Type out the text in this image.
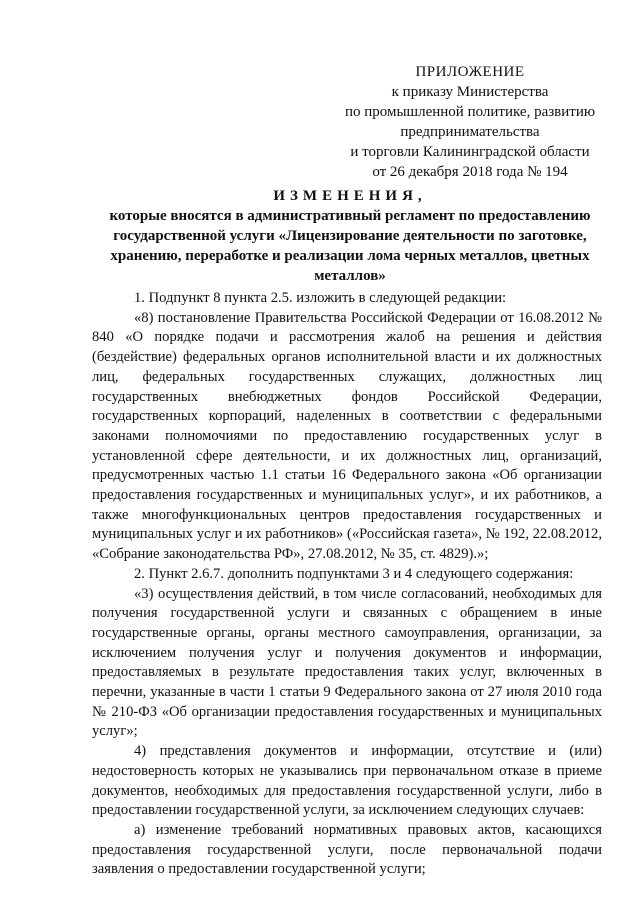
ПРИЛОЖЕНИЕ
к приказу Министерства
по промышленной политике, развитию
предпринимательства
и торговли Калининградской области
от 26 декабря 2018 года № 194
ИЗМЕНЕНИЯ,
которые вносятся в административный регламент по предоставлению государственной услуги «Лицензирование деятельности по заготовке, хранению, переработке и реализации лома черных металлов, цветных металлов»

1. Подпункт 8 пункта 2.5. изложить в следующей редакции:

«8) постановление Правительства Российской Федерации от 16.08.2012 № 840 «О порядке подачи и рассмотрения жалоб на решения и действия (бездействие) федеральных органов исполнительной власти и их должностных лиц, федеральных государственных служащих, должностных лиц государственных внебюджетных фондов Российской Федерации, государственных корпораций, наделенных в соответствии с федеральными законами полномочиями по предоставлению государственных услуг в установленной сфере деятельности, и их должностных лиц, организаций, предусмотренных частью 1.1 статьи 16 Федерального закона «Об организации предоставления государственных и муниципальных услуг», и их работников, а также многофункциональных центров предоставления государственных и муниципальных услуг и их работников» («Российская газета», № 192, 22.08.2012, «Собрание законодательства РФ», 27.08.2012, № 35, ст. 4829).»;

2. Пункт 2.6.7. дополнить подпунктами 3 и 4 следующего содержания:

«3) осуществления действий, в том числе согласований, необходимых для получения государственной услуги и связанных с обращением в иные государственные органы, органы местного самоуправления, организации, за исключением получения услуг и получения документов и информации, предоставляемых в результате предоставления таких услуг, включенных в перечни, указанные в части 1 статьи 9 Федерального закона от 27 июля 2010 года № 210-ФЗ «Об организации предоставления государственных и муниципальных услуг»;

4) представления документов и информации, отсутствие и (или) недостоверность которых не указывались при первоначальном отказе в приеме документов, необходимых для предоставления государственной услуги, либо в предоставлении государственной услуги, за исключением следующих случаев:

а) изменение требований нормативных правовых актов, касающихся предоставления государственной услуги, после первоначальной подачи заявления о предоставлении государственной услуги;
